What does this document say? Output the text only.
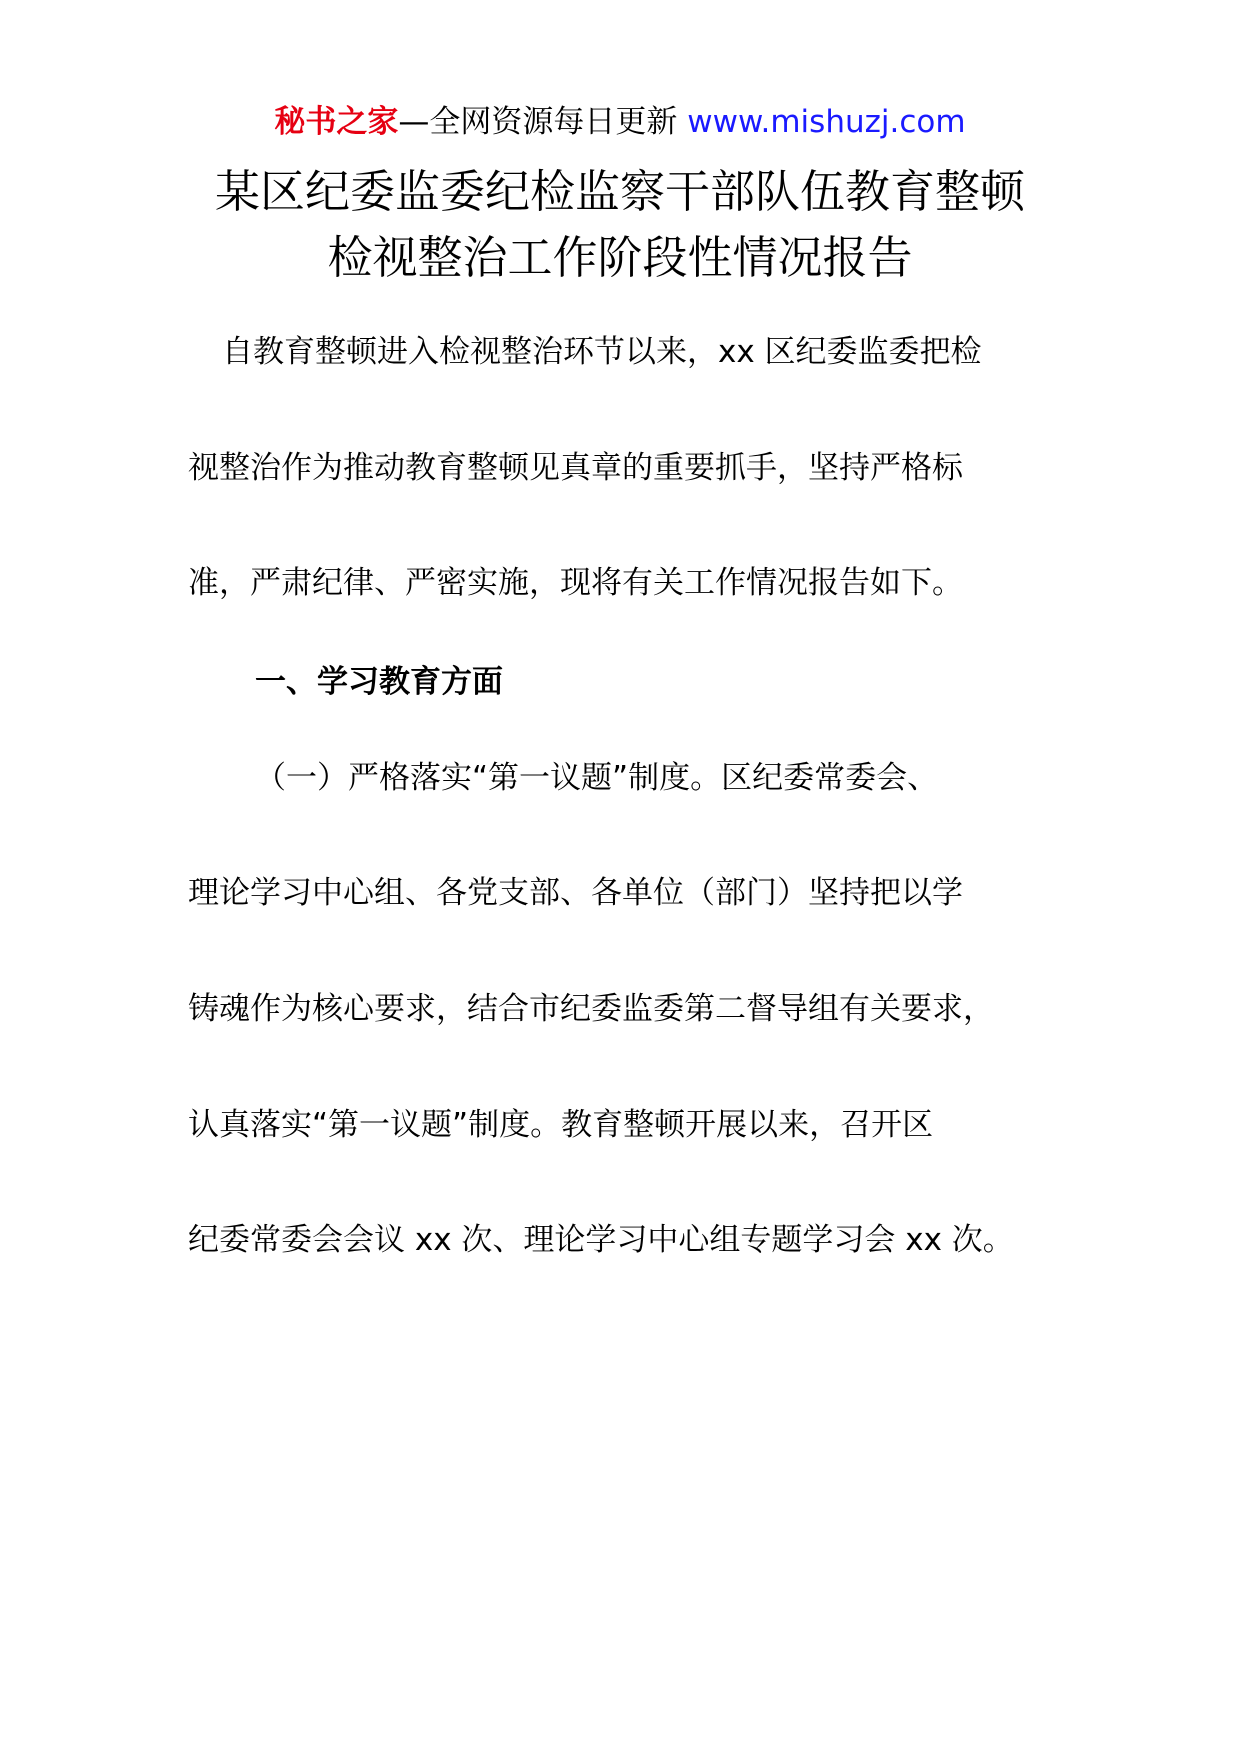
秘书之家—全网资源每日更新 www.mishuzj.com
某区纪委监委纪检监察干部队伍教育整顿
检视整治工作阶段性情况报告
自教育整顿进入检视整治环节以来，xx 区纪委监委把检
视整治作为推动教育整顿见真章的重要抓手，坚持严格标
准，严肃纪律、严密实施，现将有关工作情况报告如下。
一、学习教育方面
（一）严格落实“第一议题”制度。区纪委常委会、
理论学习中心组、各党支部、各单位（部门）坚持把以学
铸魂作为核心要求，结合市纪委监委第二督导组有关要求，
认真落实“第一议题”制度。教育整顿开展以来，召开区
纪委常委会会议 xx 次、理论学习中心组专题学习会 xx 次。
